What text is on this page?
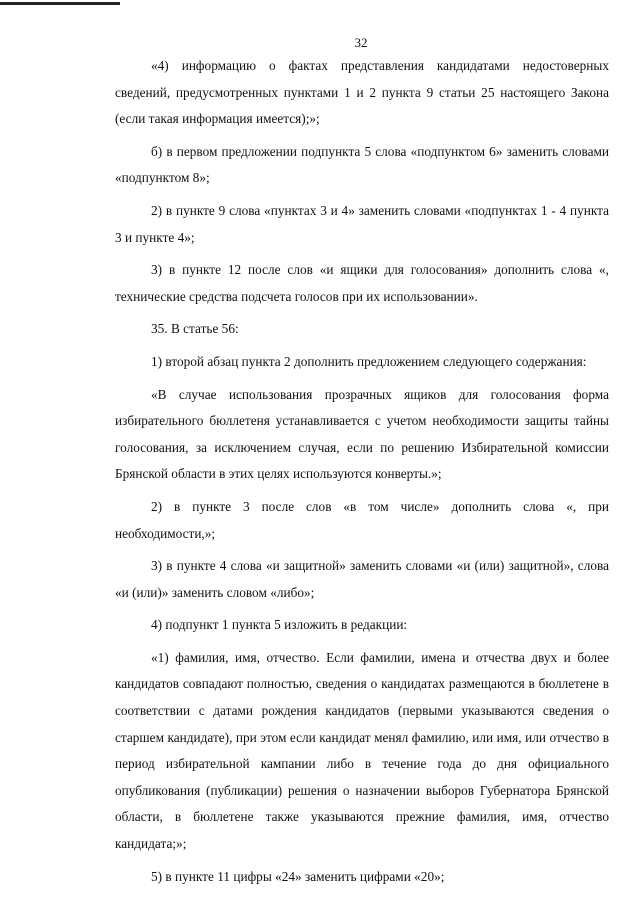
32

«4) информацию о фактах представления кандидатами недостоверных сведений, предусмотренных пунктами 1 и 2 пункта 9 статьи 25 настоящего Закона (если такая информация имеется);»;

б) в первом предложении подпункта 5 слова «подпунктом 6» заменить словами «подпунктом 8»;

2) в пункте 9 слова «пунктах 3 и 4» заменить словами «подпунктах 1 - 4 пункта 3 и пункте 4»;

3) в пункте 12 после слов «и ящики для голосования» дополнить слова «, технические средства подсчета голосов при их использовании».

35. В статье 56:

1) второй абзац пункта 2 дополнить предложением следующего содержания:

«В случае использования прозрачных ящиков для голосования форма избирательного бюллетеня устанавливается с учетом необходимости защиты тайны голосования, за исключением случая, если по решению Избирательной комиссии Брянской области в этих целях используются конверты.»;

2) в пункте 3 после слов «в том числе» дополнить слова «, при необходимости,»;

3) в пункте 4 слова «и защитной» заменить словами «и (или) защитной», слова «и (или)» заменить словом «либо»;

4) подпункт 1 пункта 5 изложить в редакции:

«1) фамилия, имя, отчество. Если фамилии, имена и отчества двух и более кандидатов совпадают полностью, сведения о кандидатах размещаются в бюллетене в соответствии с датами рождения кандидатов (первыми указываются сведения о старшем кандидате), при этом если кандидат менял фамилию, или имя, или отчество в период избирательной кампании либо в течение года до дня официального опубликования (публикации) решения о назначении выборов Губернатора Брянской области, в бюллетене также указываются прежние фамилия, имя, отчество кандидата;»;

5) в пункте 11 цифры «24» заменить цифрами «20»;
